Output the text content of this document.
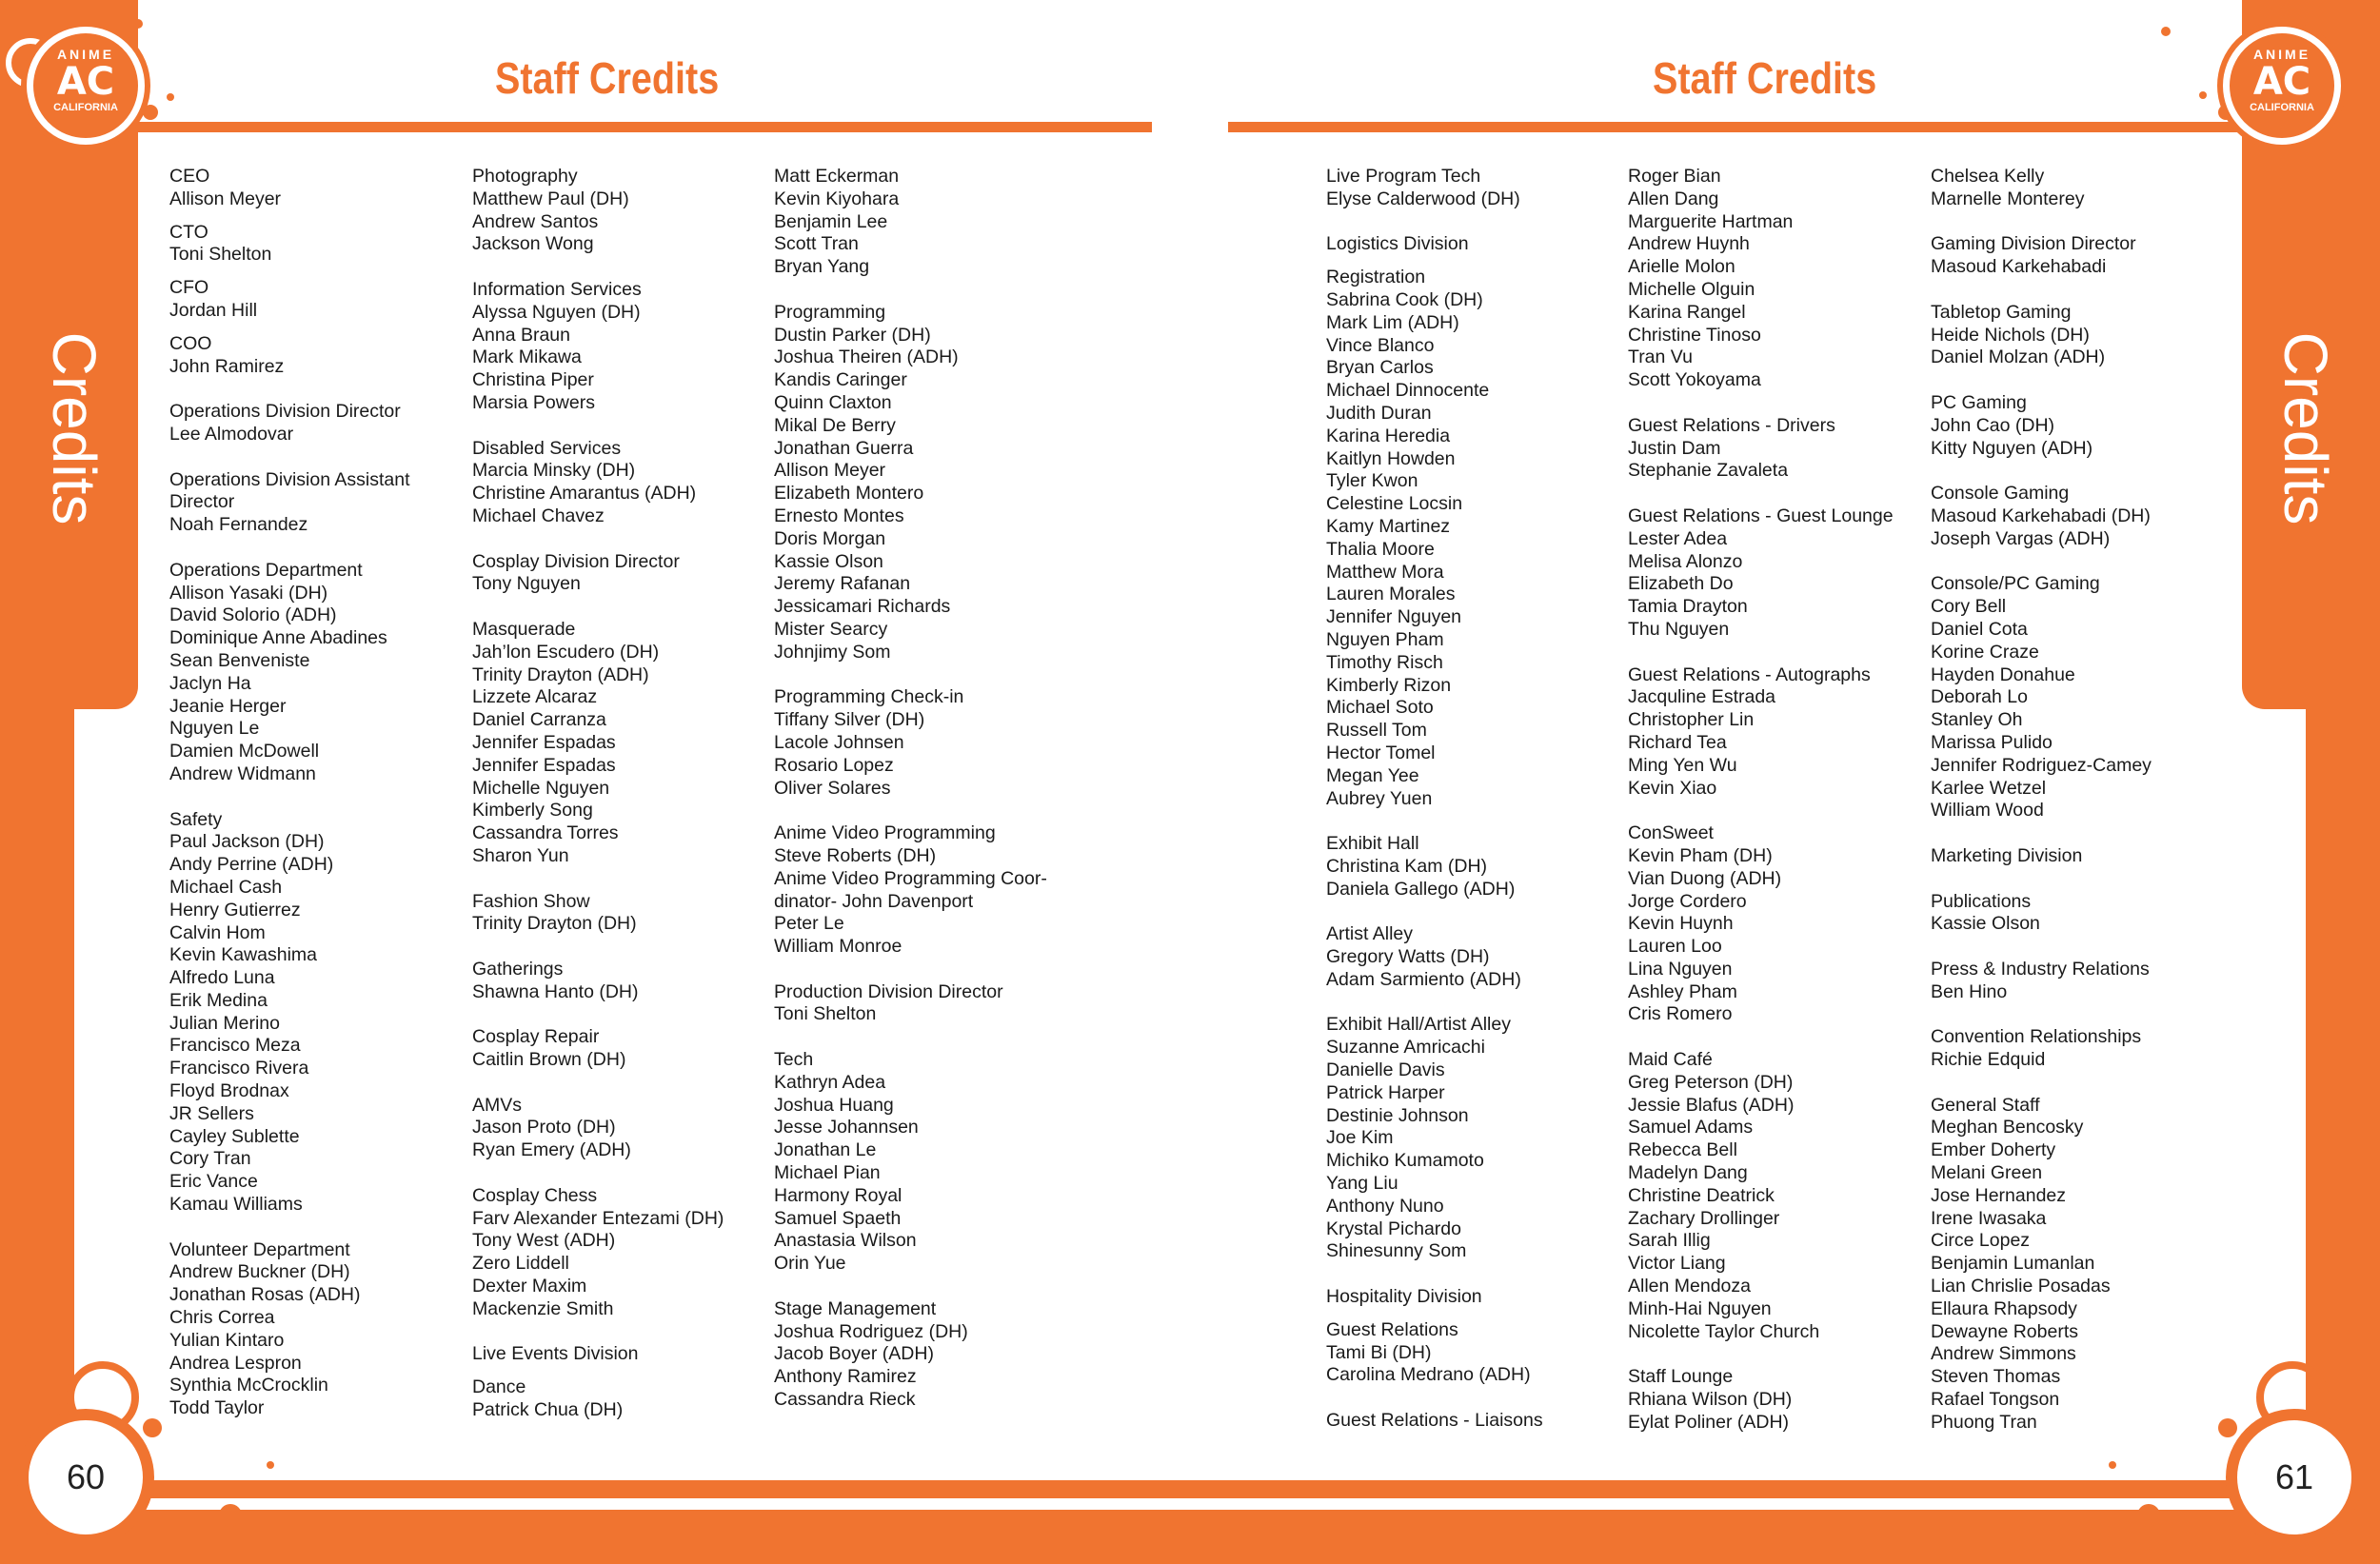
ANIME
AC
CALIFORNIA
ANIME
AC
CALIFORNIA
Credits	Credits
Staff Credits	Staff Credits
60	61
CEO
Allison Meyer
CTO
Toni Shelton
CFO
Jordan Hill
COO
John Ramirez
Operations Division Director
Lee Almodovar
Operations Division Assistant
Director
Noah Fernandez
Operations Department
Allison Yasaki (DH)
David Solorio (ADH)
Dominique Anne Abadines
Sean Benveniste
Jaclyn Ha
Jeanie Herger
Nguyen Le
Damien McDowell
Andrew Widmann
Safety
Paul Jackson (DH)
Andy Perrine (ADH)
Michael Cash
Henry Gutierrez
Calvin Hom
Kevin Kawashima
Alfredo Luna
Erik Medina
Julian Merino
Francisco Meza
Francisco Rivera
Floyd Brodnax
JR Sellers
Cayley Sublette
Cory Tran
Eric Vance
Kamau Williams
Volunteer Department
Andrew Buckner (DH)
Jonathan Rosas (ADH)
Chris Correa
Yulian Kintaro
Andrea Lespron
Synthia McCrocklin
Todd Taylor
Photography
Matthew Paul (DH)
Andrew Santos
Jackson Wong
Information Services
Alyssa Nguyen (DH)
Anna Braun
Mark Mikawa
Christina Piper
Marsia Powers
Disabled Services
Marcia Minsky (DH)
Christine Amarantus (ADH)
Michael Chavez
Cosplay Division Director
Tony Nguyen
Masquerade
Jah’lon Escudero (DH)
Trinity Drayton (ADH)
Lizzete Alcaraz
Daniel Carranza
Jennifer Espadas
Jennifer Espadas
Michelle Nguyen
Kimberly Song
Cassandra Torres
Sharon Yun
Fashion Show
Trinity Drayton (DH)
Gatherings
Shawna Hanto (DH)
Cosplay Repair
Caitlin Brown (DH)
AMVs
Jason Proto (DH)
Ryan Emery (ADH)
Cosplay Chess
Farv Alexander Entezami (DH)
Tony West (ADH)
Zero Liddell
Dexter Maxim
Mackenzie Smith
Live Events Division
Dance
Patrick Chua (DH)
Matt Eckerman
Kevin Kiyohara
Benjamin Lee
Scott Tran
Bryan Yang
Programming
Dustin Parker (DH)
Joshua Theiren (ADH)
Kandis Caringer
Quinn Claxton
Mikal De Berry
Jonathan Guerra
Allison Meyer
Elizabeth Montero
Ernesto Montes
Doris Morgan
Kassie Olson
Jeremy Rafanan
Jessicamari Richards
Mister Searcy
Johnjimy Som
Programming Check-in
Tiffany Silver (DH)
Lacole Johnsen
Rosario Lopez
Oliver Solares
Anime Video Programming
Steve Roberts (DH)
Anime Video Programming Coor-
dinator- John Davenport
Peter Le
William Monroe
Production Division Director
Toni Shelton
Tech
Kathryn Adea
Joshua Huang
Jesse Johannsen
Jonathan Le
Michael Pian
Harmony Royal
Samuel Spaeth
Anastasia Wilson
Orin Yue
Stage Management
Joshua Rodriguez (DH)
Jacob Boyer (ADH)
Anthony Ramirez
Cassandra Rieck
Live Program Tech
Elyse Calderwood (DH)
Logistics Division
Registration
Sabrina Cook (DH)
Mark Lim (ADH)
Vince Blanco
Bryan Carlos
Michael Dinnocente
Judith Duran
Karina Heredia
Kaitlyn Howden
Tyler Kwon
Celestine Locsin
Kamy Martinez
Thalia Moore
Matthew Mora
Lauren Morales
Jennifer Nguyen
Nguyen Pham
Timothy Risch
Kimberly Rizon
Michael Soto
Russell Tom
Hector Tomel
Megan Yee
Aubrey Yuen
Exhibit Hall
Christina Kam (DH)
Daniela Gallego (ADH)
Artist Alley
Gregory Watts (DH)
Adam Sarmiento (ADH)
Exhibit Hall/Artist Alley
Suzanne Amricachi
Danielle Davis
Patrick Harper
Destinie Johnson
Joe Kim
Michiko Kumamoto
Yang Liu
Anthony Nuno
Krystal Pichardo
Shinesunny Som
Hospitality Division
Guest Relations
Tami Bi (DH)
Carolina Medrano (ADH)
Guest Relations - Liaisons
Roger Bian
Allen Dang
Marguerite Hartman
Andrew Huynh
Arielle Molon
Michelle Olguin
Karina Rangel
Christine Tinoso
Tran Vu
Scott Yokoyama
Guest Relations - Drivers
Justin Dam
Stephanie Zavaleta
Guest Relations - Guest Lounge
Lester Adea
Melisa Alonzo
Elizabeth Do
Tamia Drayton
Thu Nguyen
Guest Relations - Autographs
Jacquline Estrada
Christopher Lin
Richard Tea
Ming Yen Wu
Kevin Xiao
ConSweet
Kevin Pham (DH)
Vian Duong (ADH)
Jorge Cordero
Kevin Huynh
Lauren Loo
Lina Nguyen
Ashley Pham
Cris Romero
Maid Café
Greg Peterson (DH)
Jessie Blafus (ADH)
Samuel Adams
Rebecca Bell
Madelyn Dang
Christine Deatrick
Zachary Drollinger
Sarah Illig
Victor Liang
Allen Mendoza
Minh-Hai Nguyen
Nicolette Taylor Church
Staff Lounge
Rhiana Wilson (DH)
Eylat Poliner (ADH)
Chelsea Kelly
Marnelle Monterey
Gaming Division Director
Masoud Karkehabadi
Tabletop Gaming
Heide Nichols (DH)
Daniel Molzan (ADH)
PC Gaming
John Cao (DH)
Kitty Nguyen (ADH)
Console Gaming
Masoud Karkehabadi (DH)
Joseph Vargas (ADH)
Console/PC Gaming
Cory Bell
Daniel Cota
Korine Craze
Hayden Donahue
Deborah Lo
Stanley Oh
Marissa Pulido
Jennifer Rodriguez-Camey
Karlee Wetzel
William Wood
Marketing Division
Publications
Kassie Olson
Press & Industry Relations
Ben Hino
Convention Relationships
Richie Edquid
General Staff
Meghan Bencosky
Ember Doherty
Melani Green
Jose Hernandez
Irene Iwasaka
Circe Lopez
Benjamin Lumanlan
Lian Chrislie Posadas
Ellaura Rhapsody
Dewayne Roberts
Andrew Simmons
Steven Thomas
Rafael Tongson
Phuong Tran
